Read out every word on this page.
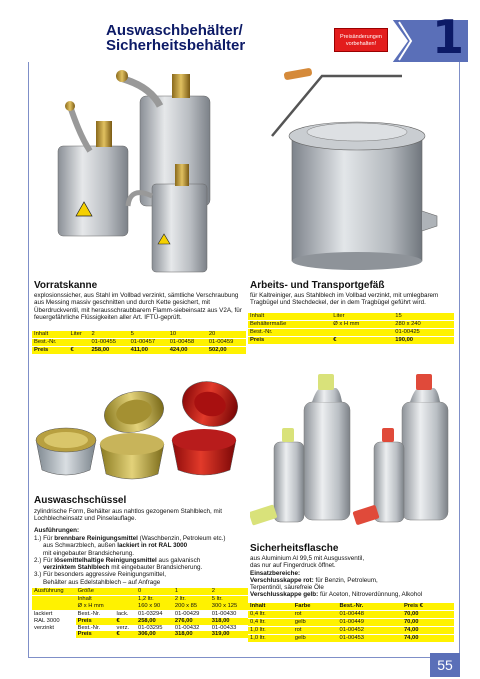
Auswaschbehälter/
Sicherheitsbehälter	Preisänderungen vorbehalten! 1
Vorratskanne
explosionssicher, aus Stahl im Vollbad verzinkt, sämtliche Verschraubung aus Messing massiv geschnitten und durch Kette gesichert, mit Überdruckventil, mit herausschraubbarem Flamm-siebeinsatz aus V2A, für feuergefährliche Flüssigkeiten aller Art. IFTÜ-geprüft.
Inhalt	Liter	2	5	10	20
Best.-Nr.		01-00455	01-00457	01-00458	01-00459
Preis	€	258,00	411,00	424,00	502,00
Arbeits- und Transportgefäß
für Kaltreiniger, aus Stahlblech im Vollbad verzinkt, mit umlegbarem Tragbügel und Stechdeckel, der in dem Tragbügel geführt wird.
Inhalt	Liter	15
Behältermaße	Ø x H mm	280 x 240
Best.-Nr.		01-00425
Preis	€	190,00
Auswaschschüssel
zylindrische Form, Behälter aus nahtlos gezogenem Stahlblech, mit Lochblecheinsatz und Pinselauflage.
Ausführungen:
1.) Für brennbare Reinigungsmittel (Waschbenzin, Petroleum etc.)
aus Schwarzblech, außen lackiert in rot RAL 3000
mit eingebauter Brandsicherung.
2.) Für lösemittelhaltige Reinigungsmittel aus galvanisch
verzinktem Stahlblech mit eingebauter Brandsicherung.
3.) Für besonders aggressive Reinigungsmittel,
Behälter aus Edelstahlblech – auf Anfrage
Ausführung	Größe		0	1	2
	Inhalt		1,2 ltr.	2 ltr.	5 ltr.
	Ø x H mm		160 x 90	200 x 85	300 x 125
lackiert	Best.-Nr.	lack.	01-03294	01-00429	01-00430
RAL 3000	Preis	€	258,00	276,00	318,00
verzinkt	Best.-Nr.	verz.	01-03295	01-00432	01-00433
	Preis	€	306,00	318,00	319,00
Sicherheitsflasche
aus Aluminium Al 99,5 mit Ausgussventil,
das nur auf Fingerdruck öffnet.
Einsatzbereiche:
Verschlusskappe rot: für Benzin, Petroleum,
Terpentinöl, säurefreie Öle
Verschlusskappe gelb: für Aceton, Nitroverdünnung, Alkohol
Inhalt	Farbe	Best.-Nr.	Preis €
0,4 ltr.	rot	01-00448	70,00
0,4 ltr.	gelb	01-00449	70,00
1,0 ltr.	rot	01-00452	74,00
1,0 ltr.	gelb	01-00453	74,00
55
